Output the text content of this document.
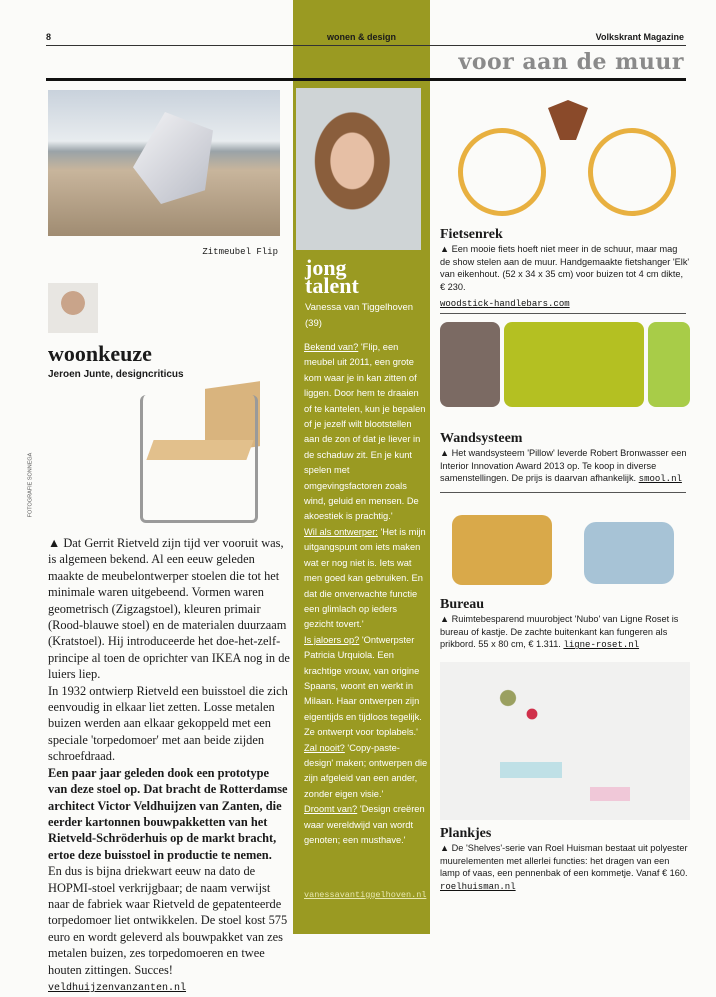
8	wonen & design	Volkskrant Magazine
voor aan de muur
Zitmeubel Flip
woonkeuze
Jeroen Junte, designcriticus
FOTOGRAFIE SONNEGA

▲ Dat Gerrit Rietveld zijn tijd ver vooruit was, is algemeen bekend. Al een eeuw geleden maakte de meubelontwerper stoelen die tot het minimale waren uitgebeend. Vormen waren geometrisch (Zigzagstoel), kleuren primair (Rood-blauwe stoel) en de materialen duurzaam (Kratstoel). Hij introduceerde het doe-het-zelf-principe al toen de oprichter van IKEA nog in de luiers liep.

In 1932 ontwierp Rietveld een buisstoel die zich eenvoudig in elkaar liet zetten. Losse metalen buizen werden aan elkaar gekoppeld met een speciale 'torpedomoer' met aan beide zijden schroefdraad.

Een paar jaar geleden dook een prototype van deze stoel op. Dat bracht de Rotterdamse architect Victor Veldhuijzen van Zanten, die eerder kartonnen bouwpakketten van het Rietveld-Schröderhuis op de markt bracht, ertoe deze buisstoel in productie te nemen.

En dus is bijna driekwart eeuw na dato de HOPMI-stoel verkrijgbaar; de naam verwijst naar de fabriek waar Rietveld de gepatenteerde torpedomoer liet ontwikkelen. De stoel kost 575 euro en wordt geleverd als bouwpakket van zes metalen buizen, zes torpedomoeren en twee houten zittingen. Succes!

veldhuijzenvanzanten.nl
jong
talent
Vanessa van Tiggelhoven (39)
Bekend van? 'Flip, een meubel uit 2011, een grote kom waar je in kan zitten of liggen. Door hem te draaien of te kantelen, kun je bepalen of je jezelf wilt blootstellen aan de zon of dat je liever in de schaduw zit. En je kunt spelen met omgevingsfactoren zoals wind, geluid en mensen. De akoestiek is prachtig.'
Wil als ontwerper: 'Het is mijn uitgangspunt om iets maken wat er nog niet is. Iets wat men goed kan gebruiken. En dat die onverwachte functie een glimlach op ieders gezicht tovert.'
Is jaloers op? 'Ontwerpster Patricia Urquiola. Een krachtige vrouw, van origine Spaans, woont en werkt in Milaan. Haar ontwerpen zijn eigentijds en tijdloos tegelijk. Ze ontwerpt voor toplabels.'
Zal nooit? 'Copy-paste-design' maken; ontwerpen die zijn afgeleid van een ander, zonder eigen visie.'
Droomt van? 'Design creëren waar wereldwijd van wordt genoten; een musthave.'
vanessavantiggelhoven.nl
Fietsenrek
▲ Een mooie fiets hoeft niet meer in de schuur, maar mag de show stelen aan de muur. Handgemaakte fietshanger 'Elk' van eikenhout. (52 x 34 x 35 cm) voor buizen tot 4 cm dikte, € 230.
woodstick-handlebars.com
Wandsysteem
▲ Het wandsysteem 'Pillow' leverde Robert Bronwasser een Interior Innovation Award 2013 op. Te koop in diverse samenstellingen. De prijs is daarvan afhankelijk. smool.nl
Bureau
▲ Ruimtebesparend muurobject 'Nubo' van Ligne Roset is bureau of kastje. De zachte buitenkant kan fungeren als prikbord. 55 x 80 cm, € 1.311. ligne-roset.nl
Plankjes
▲ De 'Shelves'-serie van Roel Huisman bestaat uit polyester muurelementen met allerlei functies: het dragen van een lamp of vaas, een pennenbak of een kommetje. Vanaf € 160. roelhuisman.nl
